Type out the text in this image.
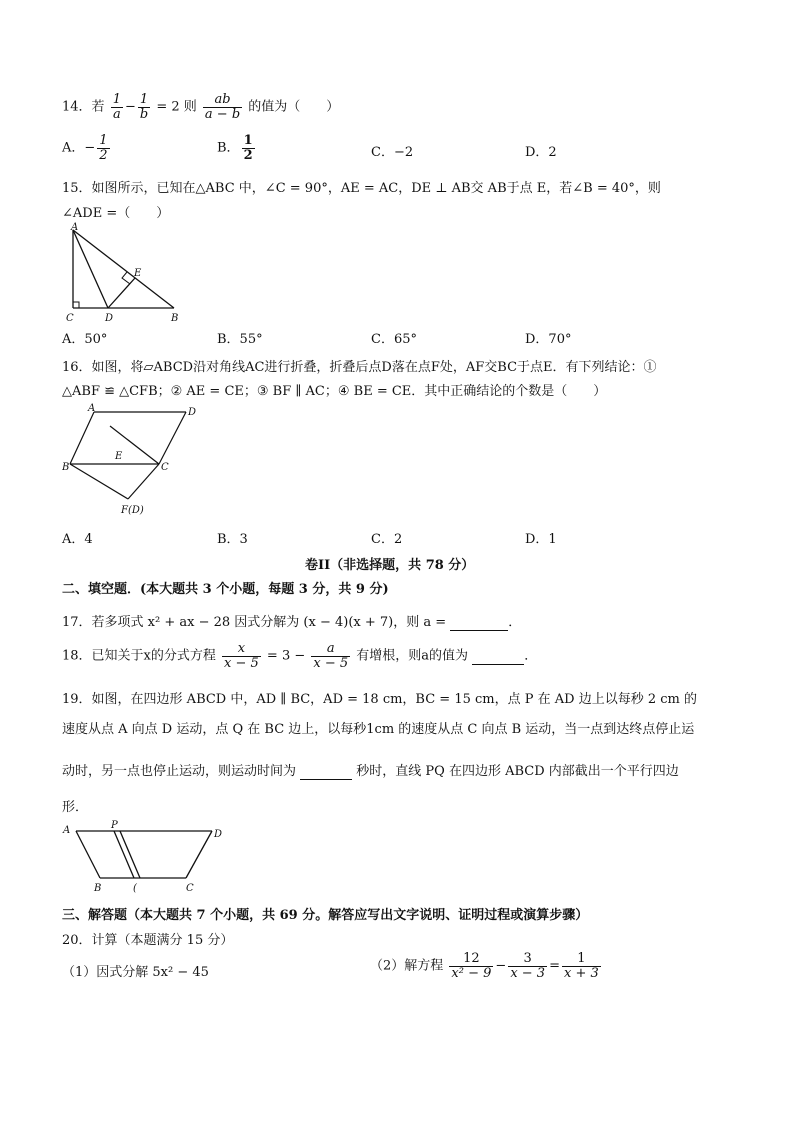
14．若 $\frac{1}{a} - \frac{1}{b} = 2$ 则 $\frac{ab}{a - b}$ 的值为（　　）
A．− $\frac{1}{2}$	B． $\frac{1}{2}$	C．−2	D．2
15．如图所示，已知在△ABC 中，∠C = 90°，AE = AC，DE ⊥ AB交 AB于点 E，若∠B = 40°，则
∠ADE =（　　）
A
C	D	B
E
A．50°	B．55°	C．65°	D．70°
16．如图，将▱ABCD沿对角线AC进行折叠，折叠后点D落在点F处，AF交BC于点E．有下列结论：①
△ABF ≌ △CFB；② AE = CE；③ BF ∥ AC；④ BE = CE．其中正确结论的个数是（　　）
A	D
B	C
E
F(D)
A．4	B．3	C．2	D．1
卷II（非选择题，共 78 分）
二、填空题．(本大题共 3 个小题，每题 3 分，共 9 分)
17．若多项式 x² + ax − 28 因式分解为 (x − 4)(x + 7)，则 a =	．
18．已知关于x的分式方程 $\frac{x}{x - 5} = 3 - \frac{a}{x - 5}$ 有增根，则a的值为	．
19．如图，在四边形 ABCD 中，AD ∥ BC，AD = 18 cm，BC = 15 cm，点 P 在 AD 边上以每秒 2 cm 的
速度从点 A 向点 D 运动，点 Q 在 BC 边上，以每秒1cm 的速度从点 C 向点 B 运动，当一点到达终点停止运
动时，另一点也停止运动，则运动时间为	秒时，直线 PQ 在四边形 ABCD 内部截出一个平行四边
形．
A	P
D
B	(	C
三、解答题（本大题共 7 个小题，共 69 分。解答应写出文字说明、证明过程或演算步骤）
20．计算（本题满分 15 分）
（1）因式分解 5x² − 45	（2）解方程 $\frac{12}{\text{x² − 9}} - \frac{3}{x - 3} = \frac{1}{x + 3}$
